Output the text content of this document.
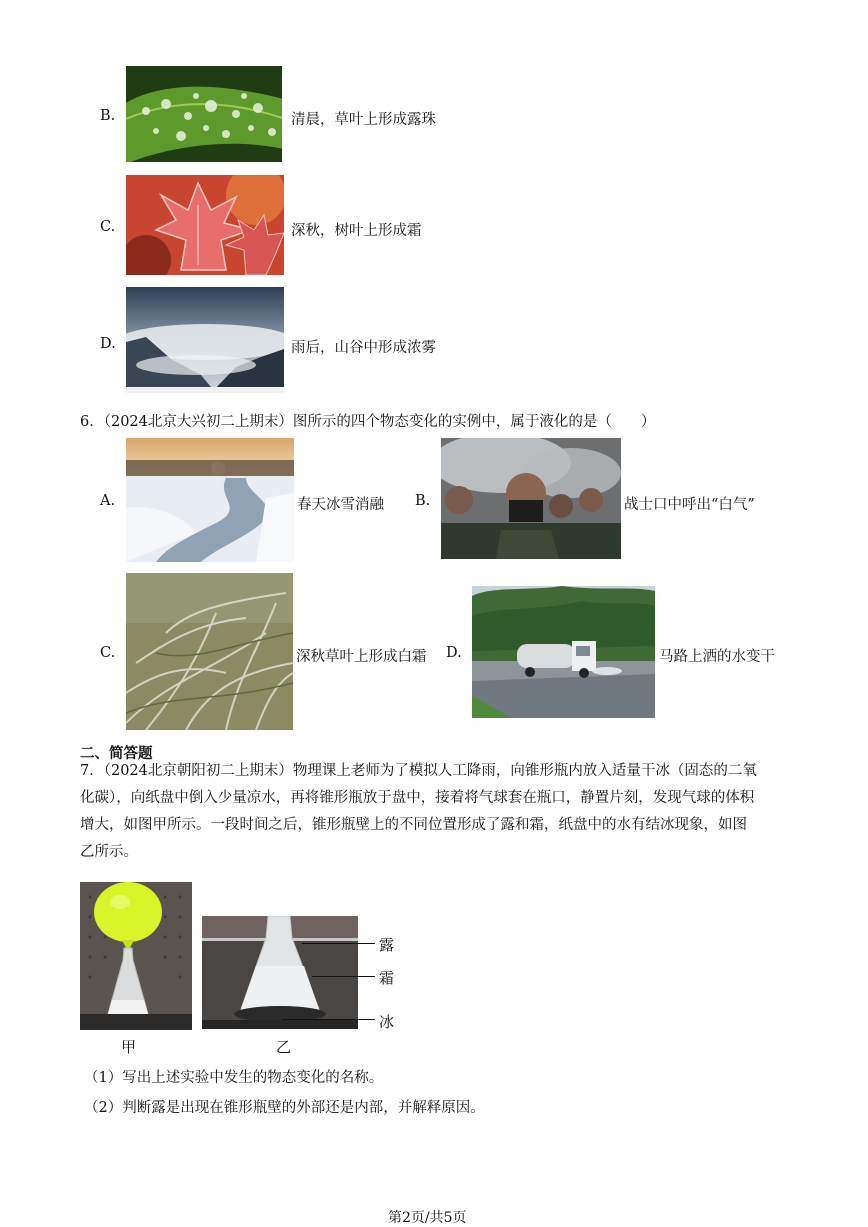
B.	清晨，草叶上形成露珠
C.	深秋，树叶上形成霜
D.	雨后，山谷中形成浓雾
6．（2024北京大兴初二上期末）图所示的四个物态变化的实例中，属于液化的是（　　）
A.	春天冰雪消融 B.	战士口中呼出“白气”
C.	深秋草叶上形成白霜 D.	马路上洒的水变干
二、简答题
7．（2024北京朝阳初二上期末）物理课上老师为了模拟人工降雨，向锥形瓶内放入适量干冰（固态的二氧
化碳），向纸盘中倒入少量凉水，再将锥形瓶放于盘中，接着将气球套在瓶口，静置片刻，发现气球的体积
增大，如图甲所示。一段时间之后，锥形瓶壁上的不同位置形成了露和霜，纸盘中的水有结冰现象，如图
乙所示。
露
霜
冰
甲	乙
（1）写出上述实验中发生的物态变化的名称。
（2）判断露是出现在锥形瓶壁的外部还是内部，并解释原因。
第2页/共5页
